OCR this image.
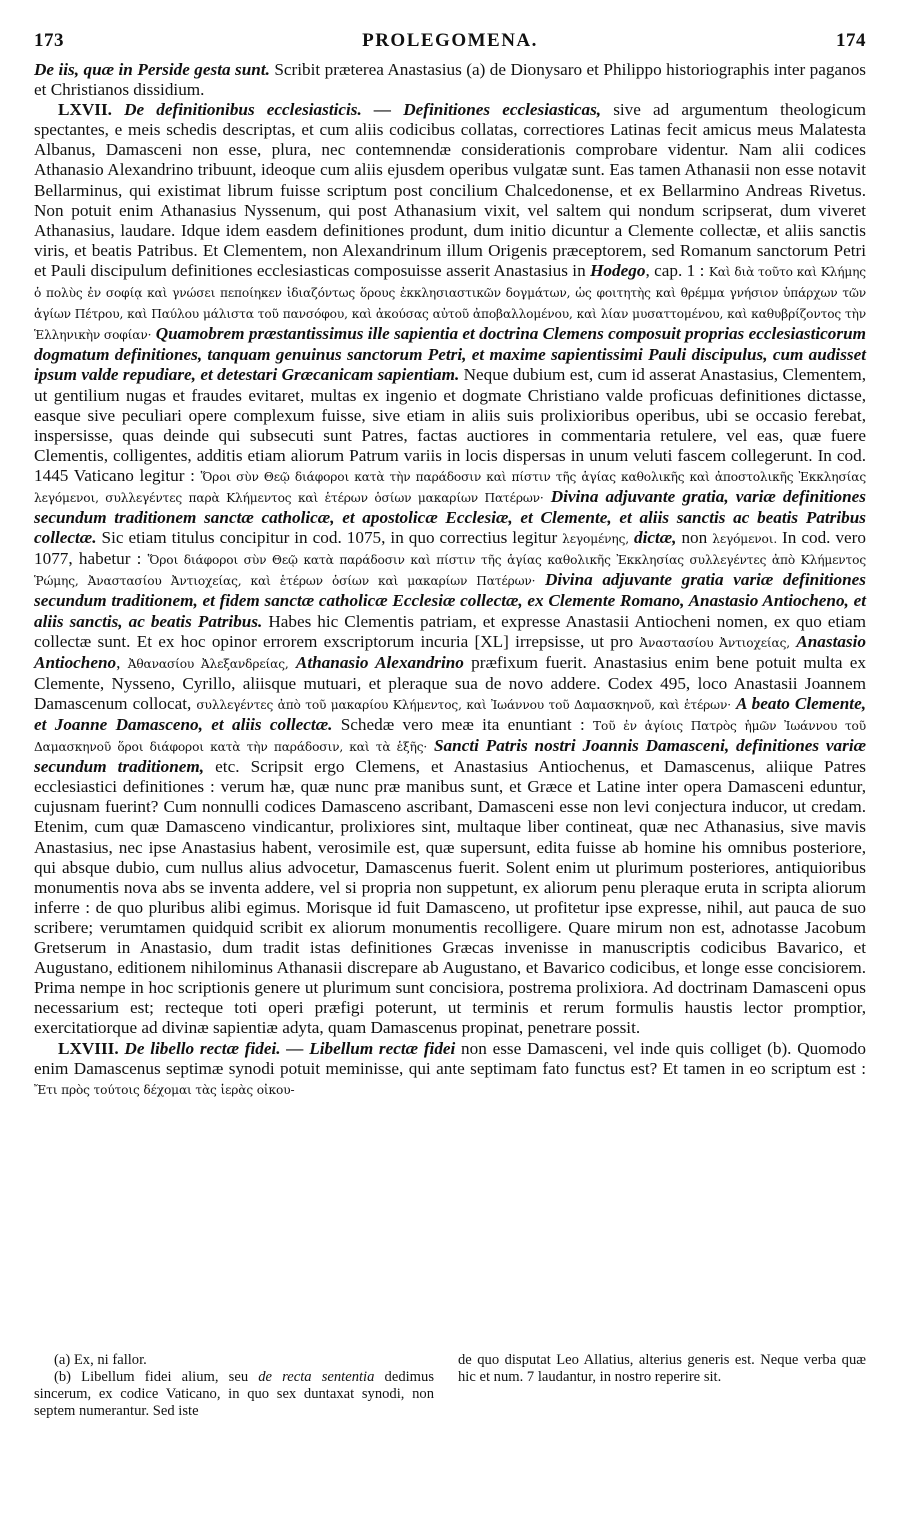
173	PROLEGOMENA.	174

De iis, quæ in Perside gesta sunt. Scribit præterea Anastasius (a) de Dionysaro et Philippo historiographis inter paganos et Christianos dissidium.

LXVII. De definitionibus ecclesiasticis. — Definitiones ecclesiasticas, sive ad argumentum theologicum spectantes, e meis schedis descriptas, et cum aliis codicibus collatas, correctiores Latinas fecit amicus meus Malatesta Albanus, Damasceni non esse, plura, nec contemnendæ considerationis comprobare videntur. Nam alii codices Athanasio Alexandrino tribuunt, ideoque cum aliis ejusdem operibus vulgatæ sunt. Eas tamen Athanasii non esse notavit Bellarminus, qui existimat librum fuisse scriptum post concilium Chalcedonense, et ex Bellarmino Andreas Rivetus. Non potuit enim Athanasius Nyssenum, qui post Athanasium vixit, vel saltem qui nondum scripserat, dum viveret Athanasius, laudare. Idque idem easdem definitiones produnt, dum initio dicuntur a Clemente collectæ, et aliis sanctis viris, et beatis Patribus. Et Clementem, non Alexandrinum illum Origenis præceptorem, sed Romanum sanctorum Petri et Pauli discipulum definitiones ecclesiasticas composuisse asserit Anastasius in Hodego, cap. 1 : Καὶ διὰ τοῦτο καὶ Κλήμης ὁ πολὺς ἐν σοφίᾳ καὶ γνώσει πεποίηκεν ἰδιαζόντως ὅρους ἐκκλησιαστικῶν δογμάτων, ὡς φοιτητὴς καὶ θρέμμα γνήσιον ὑπάρχων τῶν ἁγίων Πέτρου, καὶ Παύλου μάλιστα τοῦ πανσόφου, καὶ ἀκούσας αὐτοῦ ἀποβαλλομένου, καὶ λίαν μυσαττομένου, καὶ καθυβρίζοντος τὴν Ἑλληνικὴν σοφίαν· Quamobrem præstantissimus ille sapientia et doctrina Clemens composuit proprias ecclesiasticorum dogmatum definitiones, tanquam genuinus sanctorum Petri, et maxime sapientissimi Pauli discipulus, cum audisset ipsum valde repudiare, et detestari Græcanicam sapientiam. Neque dubium est, cum id asserat Anastasius, Clementem, ut gentilium nugas et fraudes evitaret, multas ex ingenio et dogmate Christiano valde proficuas definitiones dictasse, easque sive peculiari opere complexum fuisse, sive etiam in aliis suis prolixioribus operibus, ubi se occasio ferebat, inspersisse, quas deinde qui subsecuti sunt Patres, factas auctiores in commentaria retulere, vel eas, quæ fuere Clementis, colligentes, additis etiam aliorum Patrum variis in locis dispersas in unum veluti fascem collegerunt. In cod. 1445 Vaticano legitur : Ὅροι σὺν Θεῷ διάφοροι κατὰ τὴν παράδοσιν καὶ πίστιν τῆς ἁγίας καθολικῆς καὶ ἀποστολικῆς Ἐκκλησίας λεγόμενοι, συλλεγέντες παρὰ Κλήμεντος καὶ ἑτέρων ὁσίων μακαρίων Πατέρων· Divina adjuvante gratia, variæ definitiones secundum traditionem sanctæ catholicæ, et apostolicæ Ecclesiæ, et Clemente, et aliis sanctis ac beatis Patribus collectæ. Sic etiam titulus concipitur in cod. 1075, in quo correctius legitur λεγομένης, dictæ, non λεγόμενοι. In cod. vero 1077, habetur : Ὅροι διάφοροι σὺν Θεῷ κατὰ παράδοσιν καὶ πίστιν τῆς ἁγίας καθολικῆς Ἐκκλησίας συλλεγέντες ἀπὸ Κλήμεντος Ῥώμης, Ἀναστασίου Ἀντιοχείας, καὶ ἑτέρων ὁσίων καὶ μακαρίων Πατέρων· Divina adjuvante gratia variæ definitiones secundum traditionem, et fidem sanctæ catholicæ Ecclesiæ collectæ, ex Clemente Romano, Anastasio Antiocheno, et aliis sanctis, ac beatis Patribus. Habes hic Clementis patriam, et expresse Anastasii Antiocheni nomen, ex quo etiam collectæ sunt. Et ex hoc opinor errorem exscriptorum incuria [XL] irrepsisse, ut pro Ἀναστασίου Ἀντιοχείας, Anastasio Antiocheno, Ἀθανασίου Ἀλεξανδρείας, Athanasio Alexandrino præfixum fuerit. Anastasius enim bene potuit multa ex Clemente, Nysseno, Cyrillo, aliisque mutuari, et pleraque sua de novo addere. Codex 495, loco Anastasii Joannem Damascenum collocat, συλλεγέντες ἀπὸ τοῦ μακαρίου Κλήμεντος, καὶ Ἰωάννου τοῦ Δαμασκηνοῦ, καὶ ἑτέρων· A beato Clemente, et Joanne Damasceno, et aliis collectæ. Schedæ vero meæ ita enuntiant : Τοῦ ἐν ἁγίοις Πατρὸς ἡμῶν Ἰωάννου τοῦ Δαμασκηνοῦ ὅροι διάφοροι κατὰ τὴν παράδοσιν, καὶ τὰ ἑξῆς· Sancti Patris nostri Joannis Damasceni, definitiones variæ secundum traditionem, etc. Scripsit ergo Clemens, et Anastasius Antiochenus, et Damascenus, aliique Patres ecclesiastici definitiones : verum hæ, quæ nunc præ manibus sunt, et Græce et Latine inter opera Damasceni eduntur, cujusnam fuerint? Cum nonnulli codices Damasceno ascribant, Damasceni esse non levi conjectura inducor, ut credam. Etenim, cum quæ Damasceno vindicantur, prolixiores sint, multaque liber contineat, quæ nec Athanasius, sive mavis Anastasius, nec ipse Anastasius habent, verosimile est, quæ supersunt, edita fuisse ab homine his omnibus posteriore, qui absque dubio, cum nullus alius advocetur, Damascenus fuerit. Solent enim ut plurimum posteriores, antiquioribus monumentis nova abs se inventa addere, vel si propria non suppetunt, ex aliorum penu pleraque eruta in scripta aliorum inferre : de quo pluribus alibi egimus. Morisque id fuit Damasceno, ut profitetur ipse expresse, nihil, aut pauca de suo scribere; verumtamen quidquid scribit ex aliorum monumentis recolligere. Quare mirum non est, adnotasse Jacobum Gretserum in Anastasio, dum tradit istas definitiones Græcas invenisse in manuscriptis codicibus Bavarico, et Augustano, editionem nihilominus Athanasii discrepare ab Augustano, et Bavarico codicibus, et longe esse concisiorem. Prima nempe in hoc scriptionis genere ut plurimum sunt concisiora, postrema prolixiora. Ad doctrinam Damasceni opus necessarium est; recteque toti operi præfigi poterunt, ut terminis et rerum formulis haustis lector promptior, exercitatiorque ad divinæ sapientiæ adyta, quam Damascenus propinat, penetrare possit.

LXVIII. De libello rectæ fidei. — Libellum rectæ fidei non esse Damasceni, vel inde quis colliget (b). Quomodo enim Damascenus septimæ synodi potuit meminisse, qui ante septimam fato functus est? Et tamen in eo scriptum est : Ἔτι πρὸς τούτοις δέχομαι τὰς ἱερὰς οἰκου-

(a) Ex, ni fallor.

(b) Libellum fidei alium, seu de recta sententia dedimus sincerum, ex codice Vaticano, in quo sex duntaxat synodi, non septem numerantur. Sed iste

de quo disputat Leo Allatius, alterius generis est. Neque verba quæ hic et num. 7 laudantur, in nostro reperire sit.
